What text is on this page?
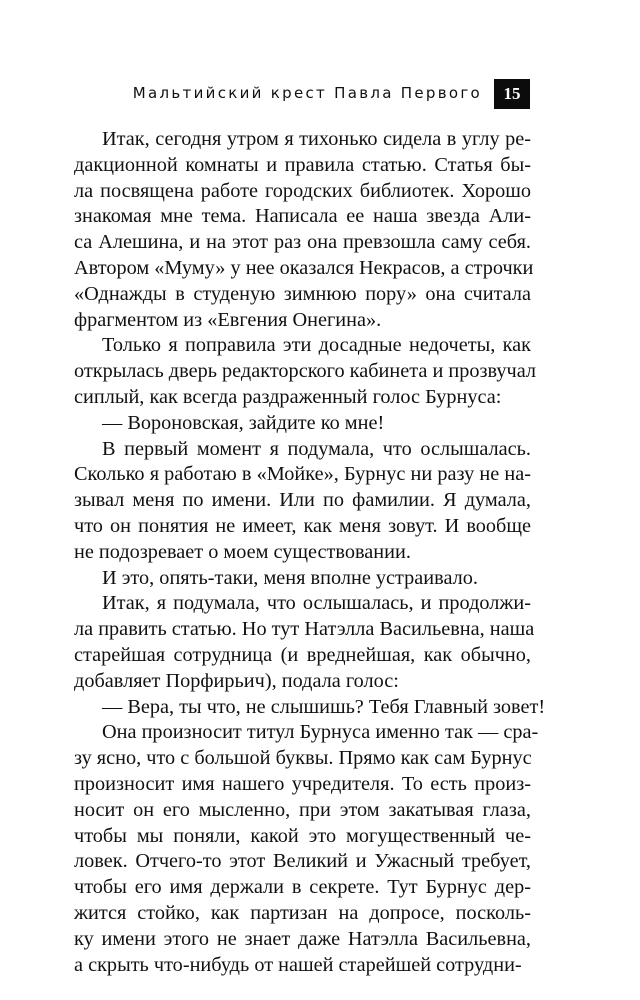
Мальтийский крест Павла Первого	15
Итак, сегодня утром я тихонько сидела в углу ре-
дакционной комнаты и правила статью. Статья бы-
ла посвящена работе городских библиотек. Хорошо
знакомая мне тема. Написала ее наша звезда Али-
са Алешина, и на этот раз она превзошла саму себя.
Автором «Муму» у нее оказался Некрасов, а строчки
«Однажды в студеную зимнюю пору» она считала
фрагментом из «Евгения Онегина».
Только я поправила эти досадные недочеты, как
открылась дверь редакторского кабинета и прозвучал
сиплый, как всегда раздраженный голос Бурнуса:
— Вороновская, зайдите ко мне!
В первый момент я подумала, что ослышалась.
Сколько я работаю в «Мойке», Бурнус ни разу не на-
зывал меня по имени. Или по фамилии. Я думала,
что он понятия не имеет, как меня зовут. И вообще
не подозревает о моем существовании.
И это, опять-таки, меня вполне устраивало.
Итак, я подумала, что ослышалась, и продолжи-
ла править статью. Но тут Натэлла Васильевна, наша
старейшая сотрудница (и вреднейшая, как обычно,
добавляет Порфирьич), подала голос:
— Вера, ты что, не слышишь? Тебя Главный зовет!
Она произносит титул Бурнуса именно так — сра-
зу ясно, что с большой буквы. Прямо как сам Бурнус
произносит имя нашего учредителя. То есть произ-
носит он его мысленно, при этом закатывая глаза,
чтобы мы поняли, какой это могущественный че-
ловек. Отчего-то этот Великий и Ужасный требует,
чтобы его имя держали в секрете. Тут Бурнус дер-
жится стойко, как партизан на допросе, посколь-
ку имени этого не знает даже Натэлла Васильевна,
а скрыть что-нибудь от нашей старейшей сотрудни-
